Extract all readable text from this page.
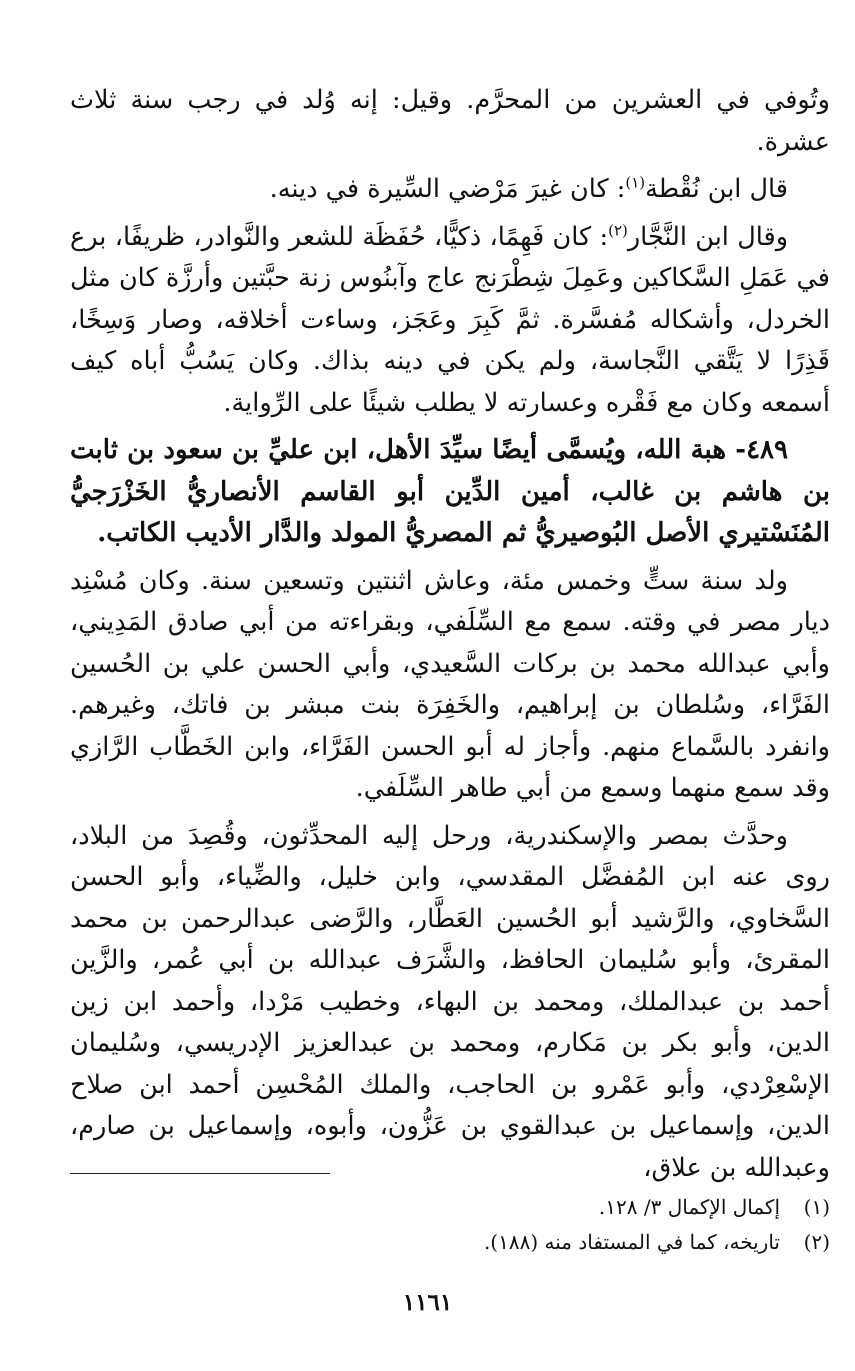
وتُوفي في العشرين من المحرَّم. وقيل: إنه وُلد في رجب سنة ثلاث عشرة.

قال ابن نُقْطة$^{(١)}$: كان غيرَ مَرْضي السِّيرة في دينه.

وقال ابن النَّجَّار$^{(٢)}$: كان فَهِمًا، ذكيًّا، حُفَظَة للشعر والنَّوادر، ظريفًا، برع في عَمَلِ السَّكاكين وعَمِلَ شِطْرَنج عاج وآبنُوس زنة حبَّتين وأرزَّة كان مثل الخردل، وأشكاله مُفسَّرة. ثمَّ كَبِرَ وعَجَز، وساءت أخلاقه، وصار وَسِخًا، قَذِرًا لا يَتَّقي النَّجاسة، ولم يكن في دينه بذاك. وكان يَسُبُّ أباه كيف أسمعه وكان مع فَقْره وعسارته لا يطلب شيئًا على الرِّواية.

٤٨٩- هبة الله، ويُسمَّى أيضًا سيِّدَ الأهل، ابن عليِّ بن سعود بن ثابت بن هاشم بن غالب، أمين الدِّين أبو القاسم الأنصاريُّ الخَزْرَجيُّ المُنَسْتيري الأصل البُوصيريُّ ثم المصريُّ المولد والدَّار الأديب الكاتب.

ولد سنة ستٍّ وخمس مئة، وعاش اثنتين وتسعين سنة. وكان مُسْنِد ديار مصر في وقته. سمع مع السِّلَفي، وبقراءته من أبي صادق المَدِيني، وأبي عبدالله محمد بن بركات السَّعيدي، وأبي الحسن علي بن الحُسين الفَرَّاء، وسُلطان بن إبراهيم، والخَفِرَة بنت مبشر بن فاتك، وغيرهم. وانفرد بالسَّماع منهم. وأجاز له أبو الحسن الفَرَّاء، وابن الخَطَّاب الرَّازي وقد سمع منهما وسمع من أبي طاهر السِّلَفي.

وحدَّث بمصر والإسكندرية، ورحل إليه المحدِّثون، وقُصِدَ من البلاد، روى عنه ابن المُفضَّل المقدسي، وابن خليل، والضِّياء، وأبو الحسن السَّخاوي، والرَّشيد أبو الحُسين العَطَّار، والرَّضى عبدالرحمن بن محمد المقرئ، وأبو سُليمان الحافظ، والشَّرَف عبدالله بن أبي عُمر، والزَّين أحمد بن عبدالملك، ومحمد بن البهاء، وخطيب مَرْدا، وأحمد ابن زين الدين، وأبو بكر بن مَكارم، ومحمد بن عبدالعزيز الإدريسي، وسُليمان الإسْعِرْدي، وأبو عَمْرو بن الحاجب، والملك المُحْسِن أحمد ابن صلاح الدين، وإسماعيل بن عبدالقوي بن عَزُّون، وأبوه، وإسماعيل بن صارم، وعبدالله بن علاق،

(١)
إكمال الإكمال ٣/ ١٢٨.
(٢)
تاريخه، كما في المستفاد منه (١٨٨).
١١٦١
